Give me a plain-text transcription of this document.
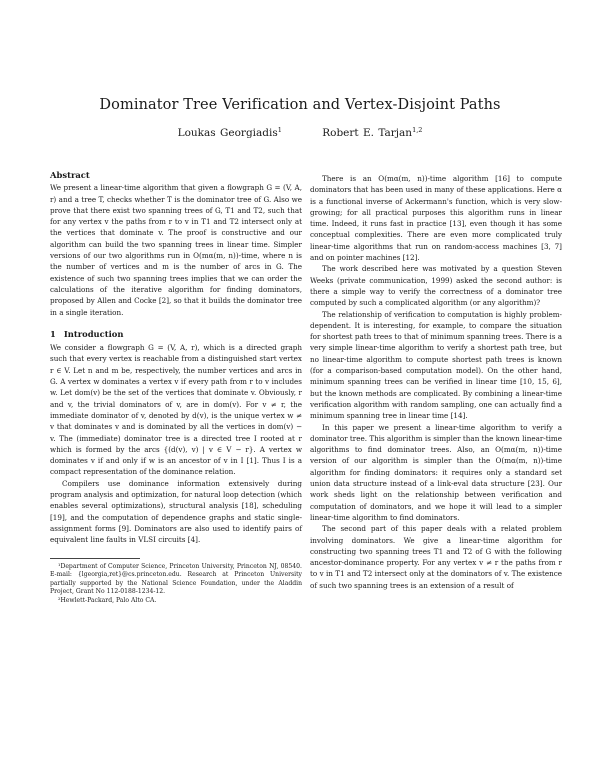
Dominator Tree Verification and Vertex-Disjoint Paths
Loukas Georgiadis$^1$	Robert E. Tarjan$^{1,2}$
Abstract

We present a linear-time algorithm that given a flowgraph G = (V, A, r) and a tree T, checks whether T is the dominator tree of G. Also we prove that there exist two spanning trees of G, T1 and T2, such that for any vertex v the paths from r to v in T1 and T2 intersect only at the vertices that dominate v. The proof is constructive and our algorithm can build the two spanning trees in linear time. Simpler versions of our two algorithms run in O(mα(m, n))-time, where n is the number of vertices and m is the number of arcs in G. The existence of such two spanning trees implies that we can order the calculations of the iterative algorithm for finding dominators, proposed by Allen and Cocke [2], so that it builds the dominator tree in a single iteration.

1 Introduction

We consider a flowgraph G = (V, A, r), which is a directed graph such that every vertex is reachable from a distinguished start vertex r ∈ V. Let n and m be, respectively, the number vertices and arcs in G. A vertex w dominates a vertex v if every path from r to v includes w. Let dom(v) be the set of the vertices that dominate v. Obviously, r and v, the trivial dominators of v, are in dom(v). For v ≠ r, the immediate dominator of v, denoted by d(v), is the unique vertex w ≠ v that dominates v and is dominated by all the vertices in dom(v) − v. The (immediate) dominator tree is a directed tree I rooted at r which is formed by the arcs {(d(v), v) | v ∈ V − r}. A vertex w dominates v if and only if w is an ancestor of v in I [1]. Thus I is a compact representation of the dominance relation.

Compilers use dominance information extensively during program analysis and optimization, for natural loop detection (which enables several optimizations), structural analysis [18], scheduling [19], and the computation of dependence graphs and static single-assignment forms [9]. Dominators are also used to identify pairs of equivalent line faults in VLSI circuits [4].

¹Department of Computer Science, Princeton University, Princeton NJ, 08540. E-mail: {lgeorgia,ret}@cs.princeton.edu. Research at Princeton University partially supported by the National Science Foundation, under the Aladdin Project, Grant No 112-0188-1234-12.

²Hewlett-Packard, Palo Alto CA.

There is an O(mα(m, n))-time algorithm [16] to compute dominators that has been used in many of these applications. Here α is a functional inverse of Ackermann's function, which is very slow-growing; for all practical purposes this algorithm runs in linear time. Indeed, it runs fast in practice [13], even though it has some conceptual complexities. There are even more complicated truly linear-time algorithms that run on random-access machines [3, 7] and on pointer machines [12].

The work described here was motivated by a question Steven Weeks (private communication, 1999) asked the second author: is there a simple way to verify the correctness of a dominator tree computed by such a complicated algorithm (or any algorithm)?

The relationship of verification to computation is highly problem-dependent. It is interesting, for example, to compare the situation for shortest path trees to that of minimum spanning trees. There is a very simple linear-time algorithm to verify a shortest path tree, but no linear-time algorithm to compute shortest path trees is known (for a comparison-based computation model). On the other hand, minimum spanning trees can be verified in linear time [10, 15, 6], but the known methods are complicated. By combining a linear-time verification algorithm with random sampling, one can actually find a minimum spanning tree in linear time [14].

In this paper we present a linear-time algorithm to verify a dominator tree. This algorithm is simpler than the known linear-time algorithms to find dominator trees. Also, an O(mα(m, n))-time version of our algorithm is simpler than the O(mα(m, n))-time algorithm for finding dominators: it requires only a standard set union data structure instead of a link-eval data structure [23]. Our work sheds light on the relationship between verification and computation of dominators, and we hope it will lead to a simpler linear-time algorithm to find dominators.

The second part of this paper deals with a related problem involving dominators. We give a linear-time algorithm for constructing two spanning trees T1 and T2 of G with the following ancestor-dominance property. For any vertex v ≠ r the paths from r to v in T1 and T2 intersect only at the dominators of v. The existence of such two spanning trees is an extension of a result of
